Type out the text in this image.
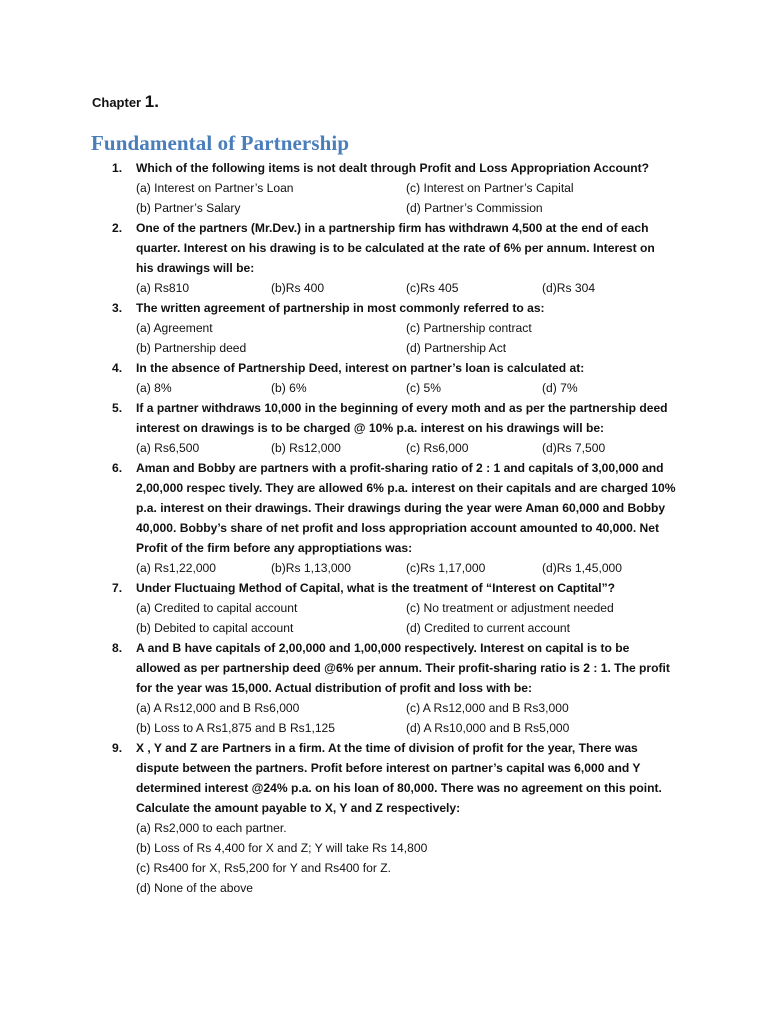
Chapter 1.
Fundamental of Partnership
1. Which of the following items is not dealt through Profit and Loss Appropriation Account?
(a) Interest on Partner’s Loan	(c) Interest on Partner’s Capital
(b) Partner’s Salary	(d) Partner’s Commission
2. One of the partners (Mr.Dev.) in a partnership firm has withdrawn 4,500 at the end of each
quarter. Interest on his drawing is to be calculated at the rate of 6% per annum. Interest on
his drawings will be:
(a) Rs810	(b)Rs 400	(c)Rs 405	(d)Rs 304
3. The written agreement of partnership in most commonly referred to as:
(a) Agreement	(c) Partnership contract
(b) Partnership deed	(d) Partnership Act
4. In the absence of Partnership Deed, interest on partner’s loan is calculated at:
(a) 8%	(b) 6%	(c) 5%	(d) 7%
5. If a partner withdraws 10,000 in the beginning of every moth and as per the partnership deed
interest on drawings is to be charged @ 10% p.a. interest on his drawings will be:
(a) Rs6,500	(b) Rs12,000	(c) Rs6,000	(d)Rs 7,500
6. Aman and Bobby are partners with a profit-sharing ratio of 2 : 1 and capitals of 3,00,000 and
2,00,000 respec tively. They are allowed 6% p.a. interest on their capitals and are charged 10%
p.a. interest on their drawings. Their drawings during the year were Aman 60,000 and Bobby
40,000. Bobby’s share of net profit and loss appropriation account amounted to 40,000. Net
Profit of the firm before any approptiations was:
(a) Rs1,22,000	(b)Rs 1,13,000	(c)Rs 1,17,000	(d)Rs 1,45,000
7. Under Fluctuaing Method of Capital, what is the treatment of “Interest on Captital”?
(a) Credited to capital account	(c) No treatment or adjustment needed
(b) Debited to capital account	(d) Credited to current account
8. A and B have capitals of 2,00,000 and 1,00,000 respectively. Interest on capital is to be
allowed as per partnership deed @6% per annum. Their profit-sharing ratio is 2 : 1. The profit
for the year was 15,000. Actual distribution of profit and loss with be:
(a) A Rs12,000 and B Rs6,000	(c) A Rs12,000 and B Rs3,000
(b) Loss to A Rs1,875 and B Rs1,125	(d) A Rs10,000 and B Rs5,000
9. X , Y and Z are Partners in a firm. At the time of division of profit for the year, There was
dispute between the partners. Profit before interest on partner’s capital was 6,000 and Y
determined interest @24% p.a. on his loan of 80,000. There was no agreement on this point.
Calculate the amount payable to X, Y and Z respectively:
(a) Rs2,000 to each partner.
(b) Loss of Rs 4,400 for X and Z; Y will take Rs 14,800
(c) Rs400 for X, Rs5,200 for Y and Rs400 for Z.
(d) None of the above
